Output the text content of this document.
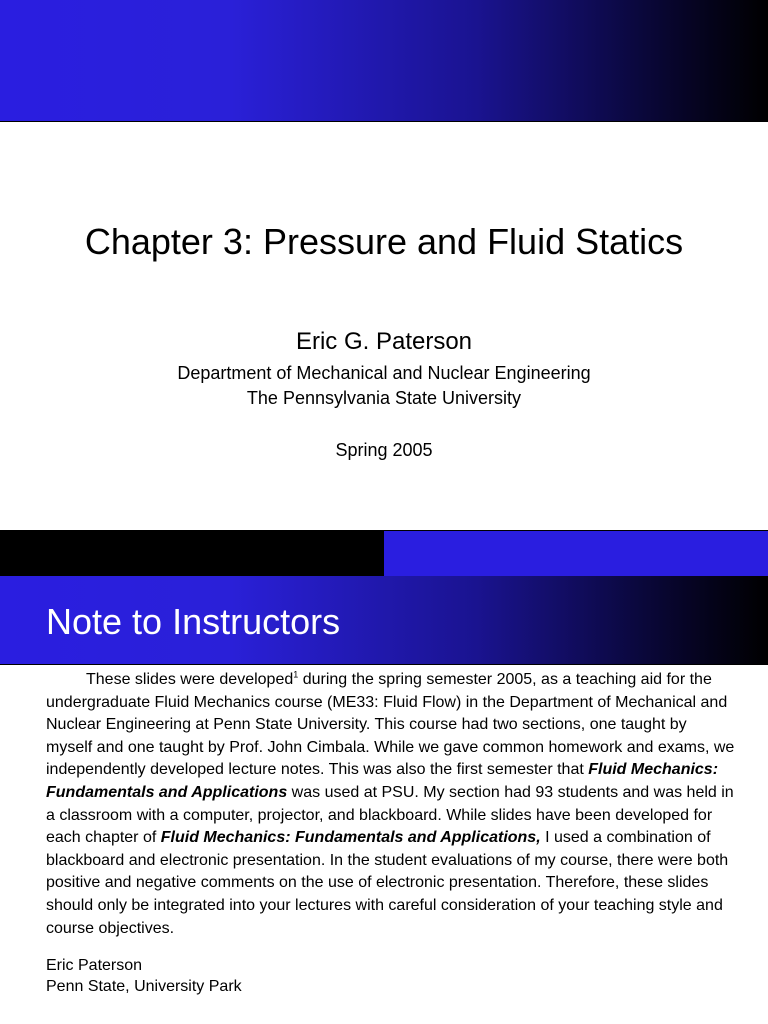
Chapter 3: Pressure and Fluid Statics
Eric G. Paterson
Department of Mechanical and Nuclear Engineering
The Pennsylvania State University
Spring 2005
Note to Instructors

These slides were developed$^1$ during the spring semester 2005, as a teaching aid for the undergraduate Fluid Mechanics course (ME33: Fluid Flow) in the Department of Mechanical and Nuclear Engineering at Penn State University. This course had two sections, one taught by myself and one taught by Prof. John Cimbala. While we gave common homework and exams, we independently developed lecture notes. This was also the first semester that Fluid Mechanics: Fundamentals and Applications was used at PSU. My section had 93 students and was held in a classroom with a computer, projector, and blackboard. While slides have been developed for each chapter of Fluid Mechanics: Fundamentals and Applications, I used a combination of blackboard and electronic presentation. In the student evaluations of my course, there were both positive and negative comments on the use of electronic presentation. Therefore, these slides should only be integrated into your lectures with careful consideration of your teaching style and course objectives.

Eric Paterson
Penn State, University Park
